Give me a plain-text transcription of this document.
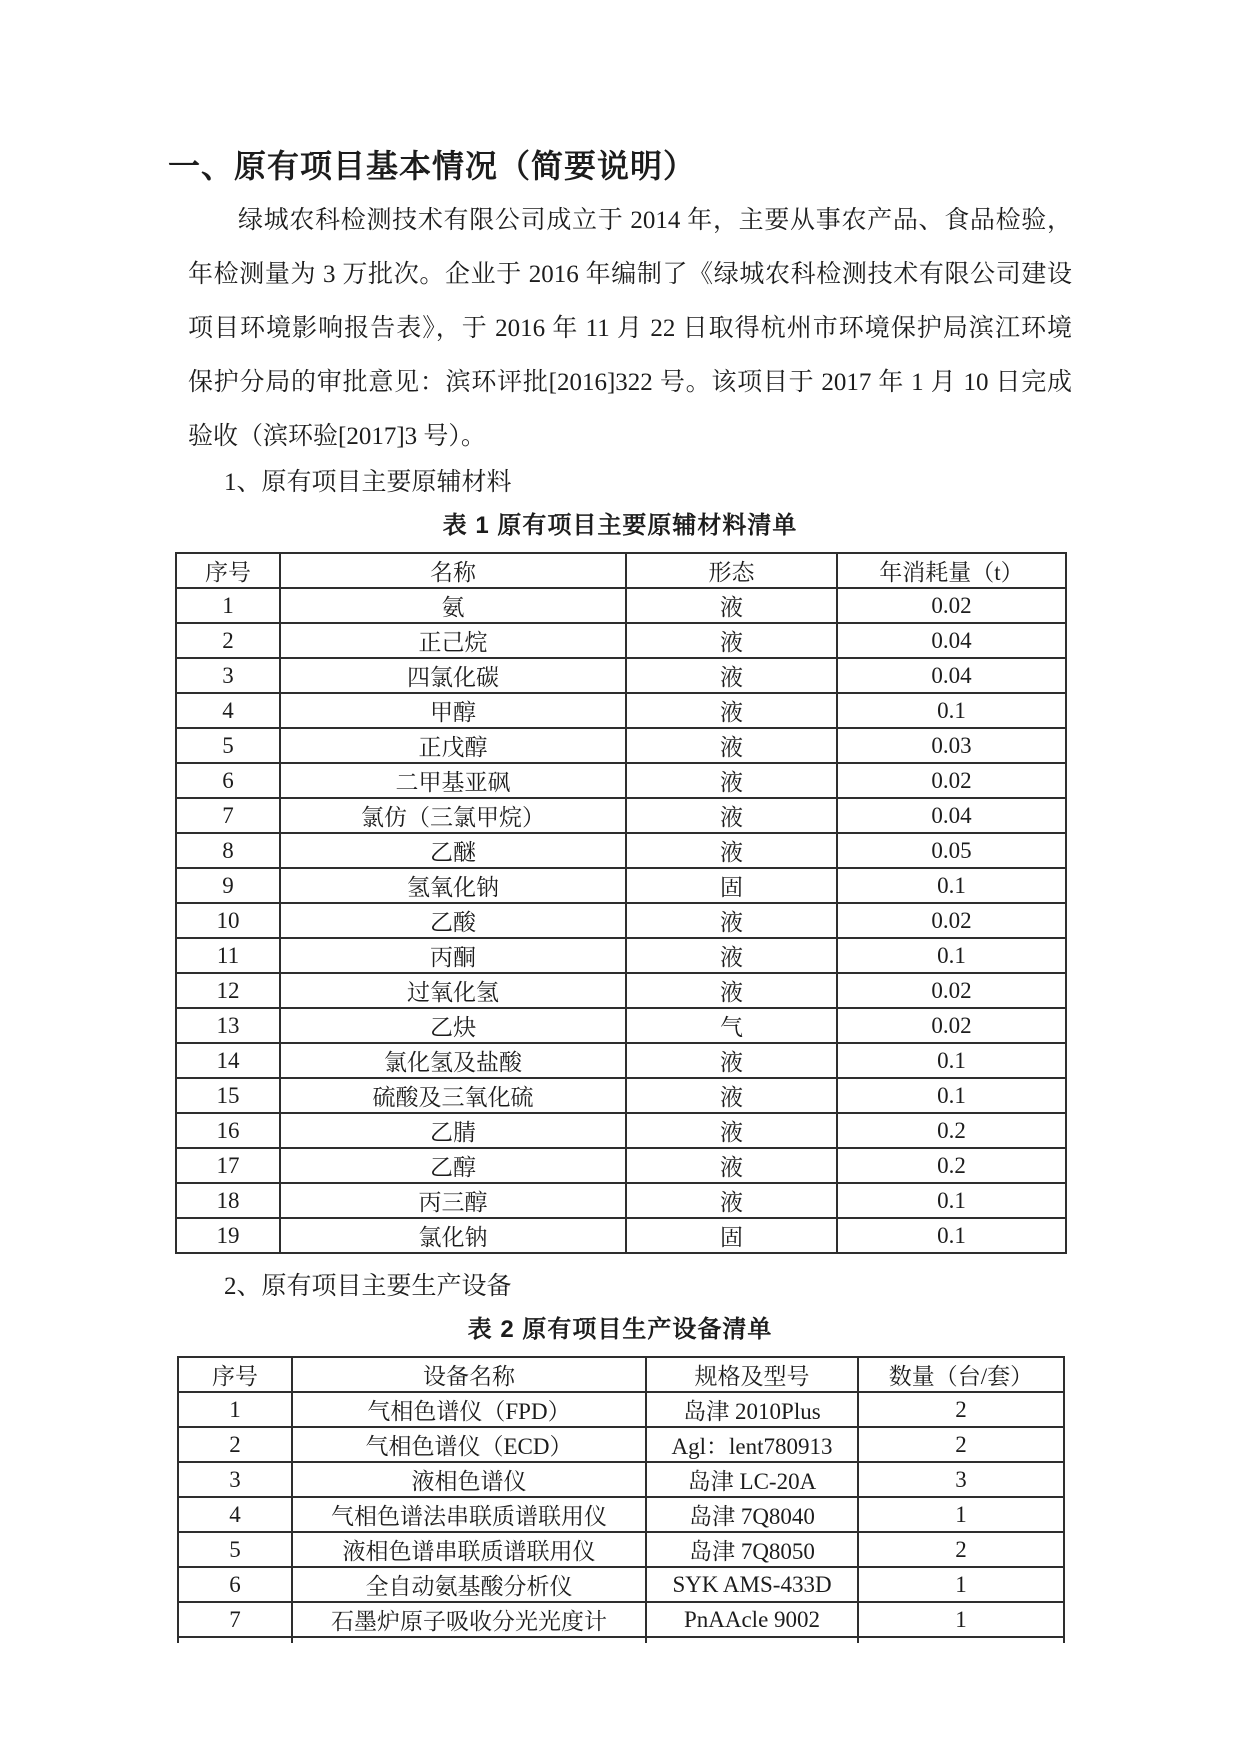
一、原有项目基本情况（简要说明）
绿城农科检测技术有限公司成立于 2014 年，主要从事农产品、食品检验，
年检测量为 3 万批次。企业于 2016 年编制了《绿城农科检测技术有限公司建设
项目环境影响报告表》，于 2016 年 11 月 22 日取得杭州市环境保护局滨江环境
保护分局的审批意见：滨环评批[2016]322 号。该项目于 2017 年 1 月 10 日完成
验收（滨环验[2017]3 号）。
1、原有项目主要原辅材料
表 1 原有项目主要原辅材料清单
序号	名称	形态	年消耗量（t）
1	氨	液	0.02
2	正己烷	液	0.04
3	四氯化碳	液	0.04
4	甲醇	液	0.1
5	正戊醇	液	0.03
6	二甲基亚砜	液	0.02
7	氯仿（三氯甲烷）	液	0.04
8	乙醚	液	0.05
9	氢氧化钠	固	0.1
10	乙酸	液	0.02
11	丙酮	液	0.1
12	过氧化氢	液	0.02
13	乙炔	气	0.02
14	氯化氢及盐酸	液	0.1
15	硫酸及三氧化硫	液	0.1
16	乙腈	液	0.2
17	乙醇	液	0.2
18	丙三醇	液	0.1
19	氯化钠	固	0.1
2、原有项目主要生产设备
表 2 原有项目生产设备清单
序号	设备名称	规格及型号	数量（台/套）
1	气相色谱仪（FPD）	岛津 2010Plus	2
2	气相色谱仪（ECD）	Agl：lent780913	2
3	液相色谱仪	岛津 LC-20A	3
4	气相色谱法串联质谱联用仪	岛津 7Q8040	1
5	液相色谱串联质谱联用仪	岛津 7Q8050	2
6	全自动氨基酸分析仪	SYK AMS-433D	1
7	石墨炉原子吸收分光光度计	PnAAcle 9002	1
